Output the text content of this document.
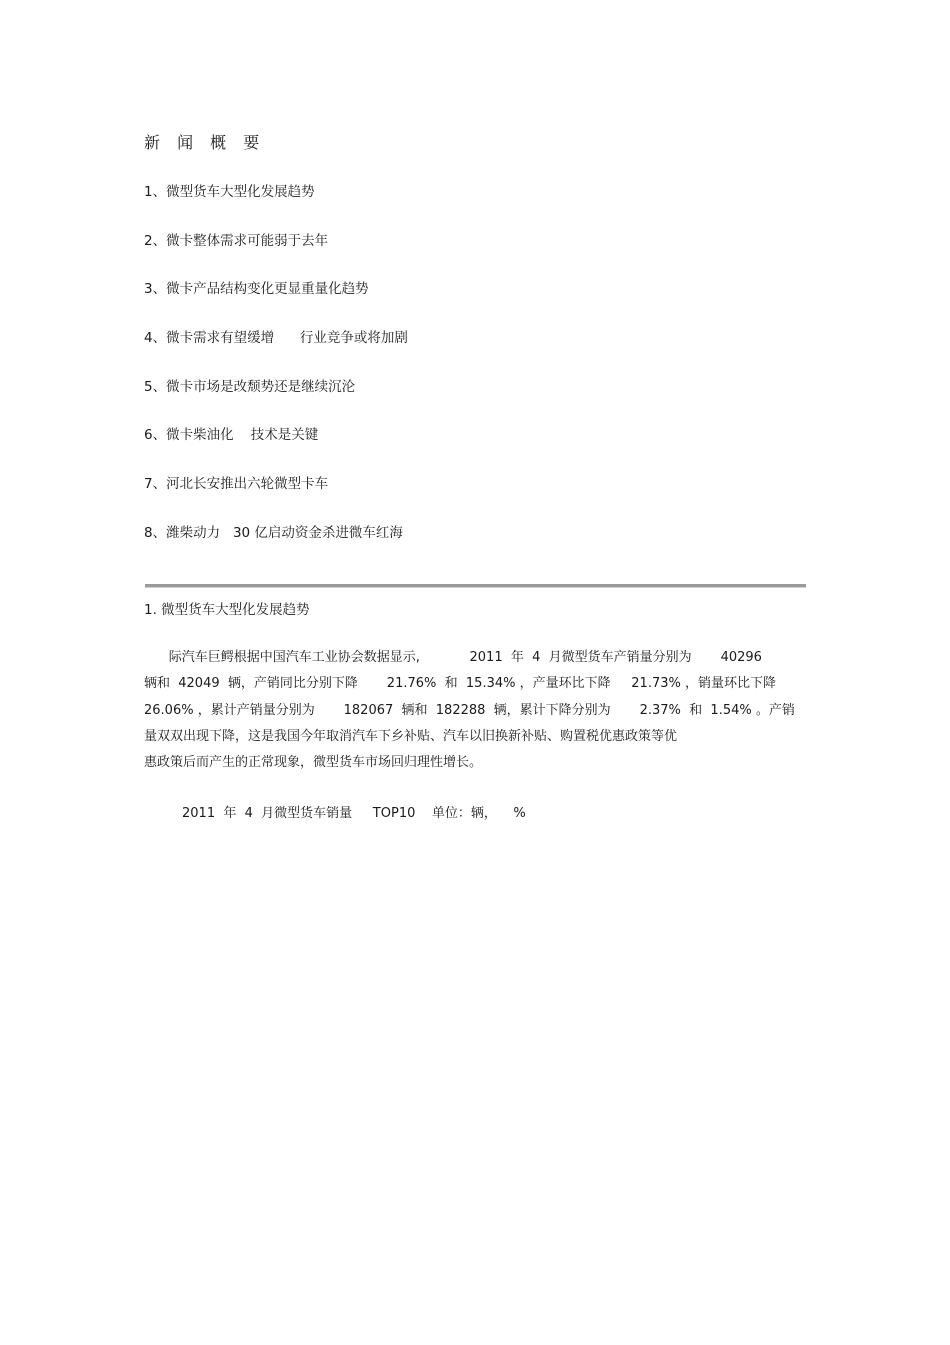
新 闻 概 要
1、微型货车大型化发展趋势
2、微卡整体需求可能弱于去年
3、微卡产品结构变化更显重量化趋势
4、微卡需求有望缓增      行业竞争或将加剧
5、微卡市场是改颓势还是继续沉沦
6、微卡柴油化    技术是关键
7、河北长安推出六轮微型卡车
8、潍柴动力   30 亿启动资金杀进微车红海
1. 微型货车大型化发展趋势
际汽车巨鳄根据中国汽车工业协会数据显示,            2011  年  4  月微型货车产销量分别为       40296
辆和  42049  辆，产销同比分别下降       21.76%  和  15.34% ，产量环比下降     21.73% ，销量环比下降
26.06% ，累计产销量分别为       182067  辆和  182288  辆，累计下降分别为       2.37%  和  1.54% 。产销
量双双出现下降，这是我国今年取消汽车下乡补贴、汽车以旧换新补贴、购置税优惠政策等优
惠政策后而产生的正常现象，微型货车市场回归理性增长。
2011  年  4  月微型货车销量     TOP10    单位：辆，    %
